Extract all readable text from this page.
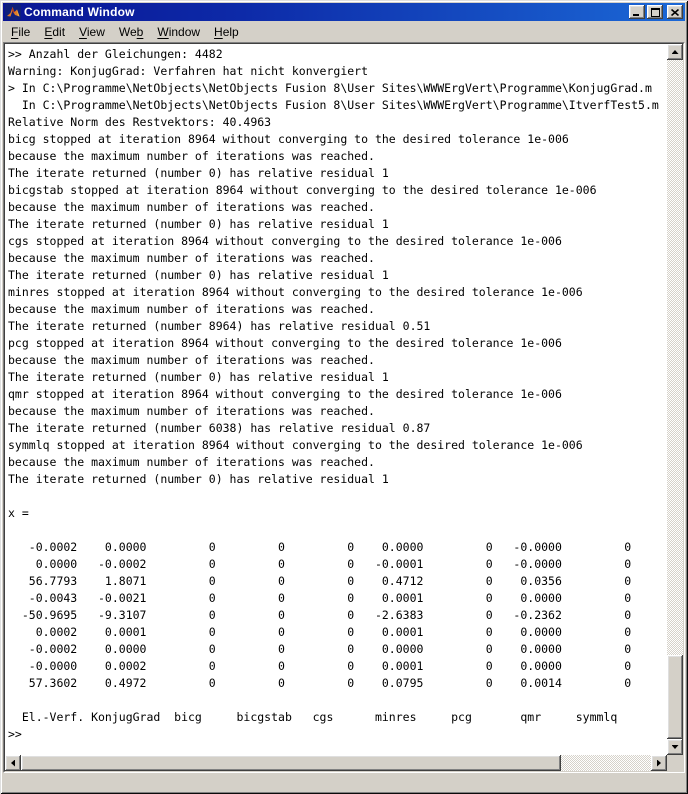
Command Window
File	Edit	View	Web	Window	Help
>> Anzahl der Gleichungen: 4482
Warning: KonjugGrad: Verfahren hat nicht konvergiert
> In C:\Programme\NetObjects\NetObjects Fusion 8\User Sites\WWWErgVert\Programme\KonjugGrad.m
In C:\Programme\NetObjects\NetObjects Fusion 8\User Sites\WWWErgVert\Programme\ItverfTest5.m
Relative Norm des Restvektors: 40.4963
bicg stopped at iteration 8964 without converging to the desired tolerance 1e-006
because the maximum number of iterations was reached.
The iterate returned (number 0) has relative residual 1
bicgstab stopped at iteration 8964 without converging to the desired tolerance 1e-006
because the maximum number of iterations was reached.
The iterate returned (number 0) has relative residual 1
cgs stopped at iteration 8964 without converging to the desired tolerance 1e-006
because the maximum number of iterations was reached.
The iterate returned (number 0) has relative residual 1
minres stopped at iteration 8964 without converging to the desired tolerance 1e-006
because the maximum number of iterations was reached.
The iterate returned (number 8964) has relative residual 0.51
pcg stopped at iteration 8964 without converging to the desired tolerance 1e-006
because the maximum number of iterations was reached.
The iterate returned (number 0) has relative residual 1
qmr stopped at iteration 8964 without converging to the desired tolerance 1e-006
because the maximum number of iterations was reached.
The iterate returned (number 6038) has relative residual 0.87
symmlq stopped at iteration 8964 without converging to the desired tolerance 1e-006
because the maximum number of iterations was reached.
The iterate returned (number 0) has relative residual 1

x =

-0.0002    0.0000         0         0         0    0.0000         0   -0.0000         0
0.0000   -0.0002         0         0         0   -0.0001         0   -0.0000         0
56.7793    1.8071         0         0         0    0.4712         0    0.0356         0
-0.0043   -0.0021         0         0         0    0.0001         0    0.0000         0
-50.9695   -9.3107         0         0         0   -2.6383         0   -0.2362         0
0.0002    0.0001         0         0         0    0.0001         0    0.0000         0
-0.0002    0.0000         0         0         0    0.0000         0    0.0000         0
-0.0000    0.0002         0         0         0    0.0001         0    0.0000         0
57.3602    0.4972         0         0         0    0.0795         0    0.0014         0

El.-Verf. KonjugGrad  bicg     bicgstab   cgs      minres     pcg       qmr     symmlq
>>
